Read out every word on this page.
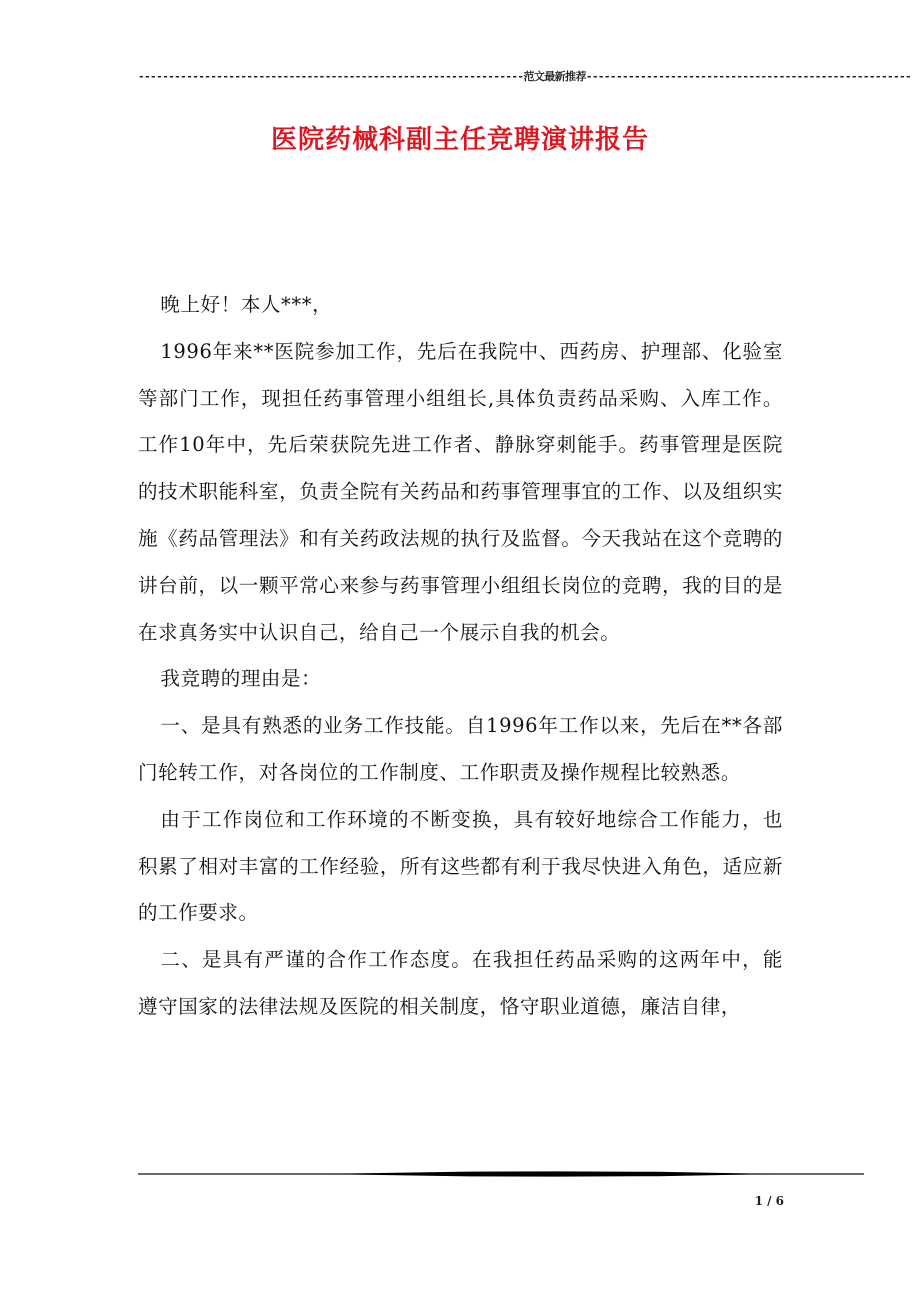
----------------------------------------------------------------范文最新推荐------------------------------------------------------
医院药械科副主任竞聘演讲报告

晚上好！本人***，

1996年来**医院参加工作，先后在我院中、西药房、护理部、化验室等部门工作，现担任药事管理小组组长,具体负责药品采购、入库工作。工作10年中，先后荣获院先进工作者、静脉穿刺能手。药事管理是医院的技术职能科室，负责全院有关药品和药事管理事宜的工作、以及组织实施《药品管理法》和有关药政法规的执行及监督。今天我站在这个竞聘的讲台前，以一颗平常心来参与药事管理小组组长岗位的竞聘，我的目的是在求真务实中认识自己，给自己一个展示自我的机会。

我竞聘的理由是：

一、是具有熟悉的业务工作技能。自1996年工作以来，先后在**各部门轮转工作，对各岗位的工作制度、工作职责及操作规程比较熟悉。

由于工作岗位和工作环境的不断变换，具有较好地综合工作能力，也积累了相对丰富的工作经验，所有这些都有利于我尽快进入角色，适应新的工作要求。

二、是具有严谨的合作工作态度。在我担任药品采购的这两年中，能遵守国家的法律法规及医院的相关制度，恪守职业道德，廉洁自律，

1 / 6
